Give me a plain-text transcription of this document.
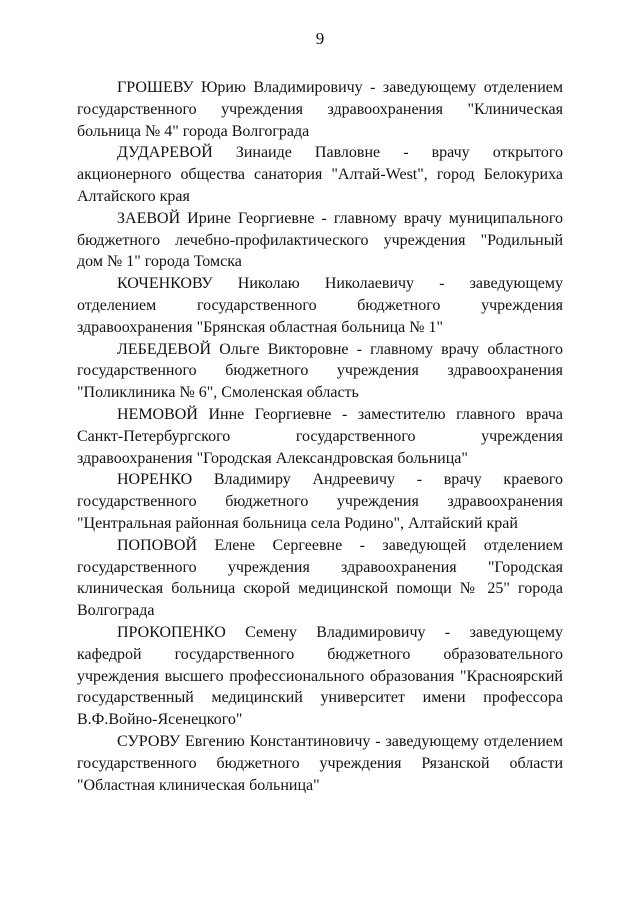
9

ГРОШЕВУ Юрию Владимировичу - заведующему отделением
государственного учреждения здравоохранения "Клиническая
больница № 4" города Волгограда

ДУДАРЕВОЙ Зинаиде Павловне - врачу открытого
акционерного общества санатория "Алтай-West", город Белокуриха
Алтайского края

ЗАЕВОЙ Ирине Георгиевне - главному врачу муниципального
бюджетного лечебно-профилактического учреждения "Родильный
дом № 1" города Томска

КОЧЕНКОВУ Николаю Николаевичу - заведующему
отделением государственного бюджетного учреждения
здравоохранения "Брянская областная больница № 1"

ЛЕБЕДЕВОЙ Ольге Викторовне - главному врачу областного
государственного бюджетного учреждения здравоохранения
"Поликлиника № 6", Смоленская область

НЕМОВОЙ Инне Георгиевне - заместителю главного врача
Санкт-Петербургского государственного учреждения
здравоохранения "Городская Александровская больница"

НОРЕНКО Владимиру Андреевичу - врачу краевого
государственного бюджетного учреждения здравоохранения
"Центральная районная больница села Родино", Алтайский край

ПОПОВОЙ Елене Сергеевне - заведующей отделением
государственного учреждения здравоохранения "Городская
клиническая больница скорой медицинской помощи № 25" города
Волгограда

ПРОКОПЕНКО Семену Владимировичу - заведующему
кафедрой государственного бюджетного образовательного
учреждения высшего профессионального образования "Красноярский
государственный медицинский университет имени профессора
В.Ф.Войно-Ясенецкого"

СУРОВУ Евгению Константиновичу - заведующему отделением
государственного бюджетного учреждения Рязанской области
"Областная клиническая больница"
